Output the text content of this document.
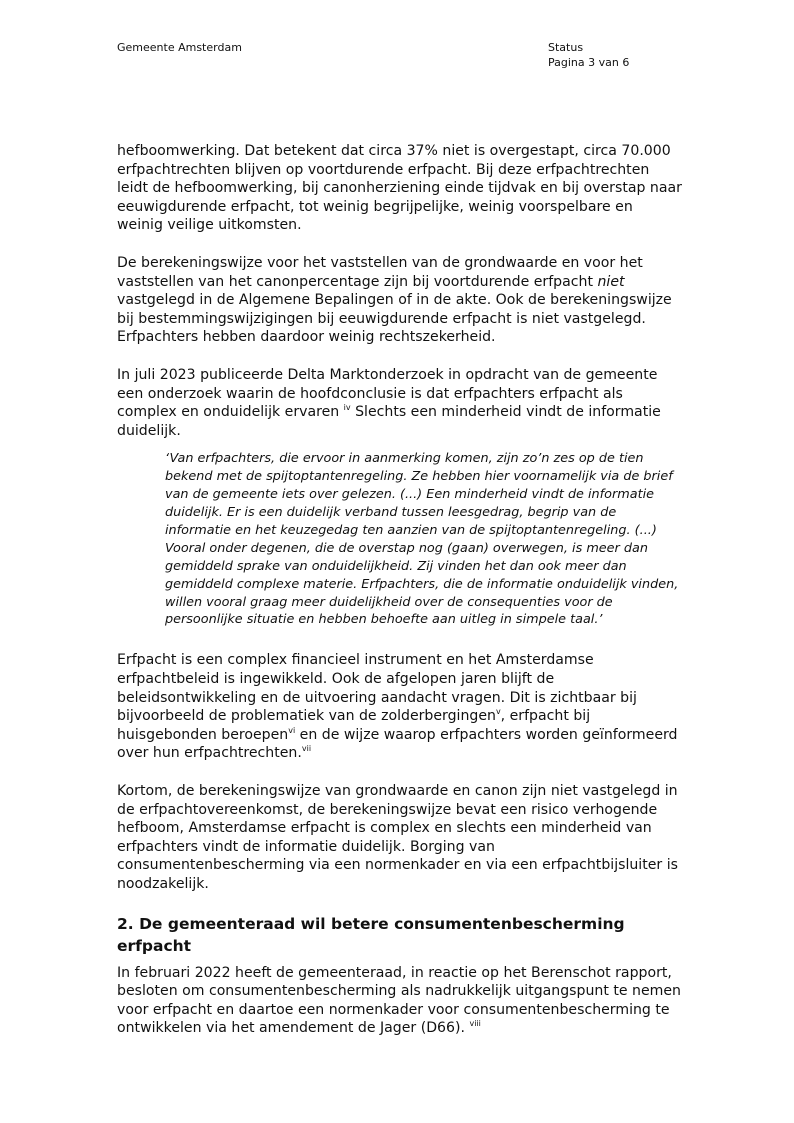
Gemeente Amsterdam	Status
Pagina 3 van 6

hefboomwerking. Dat betekent dat circa 37% niet is overgestapt, circa 70.000 erfpachtrechten blijven op voortdurende erfpacht. Bij deze erfpachtrechten leidt de hefboomwerking, bij canonherziening einde tijdvak en bij overstap naar eeuwigdurende erfpacht, tot weinig begrijpelijke, weinig voorspelbare en weinig veilige uitkomsten.

De berekeningswijze voor het vaststellen van de grondwaarde en voor het vaststellen van het canonpercentage zijn bij voortdurende erfpacht niet vastgelegd in de Algemene Bepalingen of in de akte. Ook de berekeningswijze bij bestemmingswijzigingen bij eeuwigdurende erfpacht is niet vastgelegd. Erfpachters hebben daardoor weinig rechtszekerheid.

In juli 2023 publiceerde Delta Marktonderzoek in opdracht van de gemeente een onderzoek waarin de hoofdconclusie is dat erfpachters erfpacht als complex en onduidelijk ervaren $^{iv}$ Slechts een minderheid vindt de informatie duidelijk.

‘Van erfpachters, die ervoor in aanmerking komen, zijn zo’n zes op de tien bekend met de spijtoptantenregeling. Ze hebben hier voornamelijk via de brief van de gemeente iets over gelezen. (...) Een minderheid vindt de informatie duidelijk. Er is een duidelijk verband tussen leesgedrag, begrip van de informatie en het keuzegedag ten aanzien van de spijtoptantenregeling. (...) Vooral onder degenen, die de overstap nog (gaan) overwegen, is meer dan gemiddeld sprake van onduidelijkheid. Zij vinden het dan ook meer dan gemiddeld complexe materie. Erfpachters, die de informatie onduidelijk vinden, willen vooral graag meer duidelijkheid over de consequenties voor de persoonlijke situatie en hebben behoefte aan uitleg in simpele taal.’

Erfpacht is een complex financieel instrument en het Amsterdamse erfpachtbeleid is ingewikkeld. Ook de afgelopen jaren blijft de beleidsontwikkeling en de uitvoering aandacht vragen. Dit is zichtbaar bij bijvoorbeeld de problematiek van de zolderbergingen$^v$, erfpacht bij huisgebonden beroepen$^{vi}$ en de wijze waarop erfpachters worden geïnformeerd over hun erfpachtrechten.$^{vii}$

Kortom, de berekeningswijze van grondwaarde en canon zijn niet vastgelegd in de erfpachtovereenkomst, de berekeningswijze bevat een risico verhogende hefboom, Amsterdamse erfpacht is complex en slechts een minderheid van erfpachters vindt de informatie duidelijk. Borging van consumentenbescherming via een normenkader en via een erfpachtbijsluiter is noodzakelijk.

2. De gemeenteraad wil betere consumentenbescherming erfpacht

In februari 2022 heeft de gemeenteraad, in reactie op het Berenschot rapport, besloten om consumentenbescherming als nadrukkelijk uitgangspunt te nemen voor erfpacht en daartoe een normenkader voor consumentenbescherming te ontwikkelen via het amendement de Jager (D66). $^{viii}$
